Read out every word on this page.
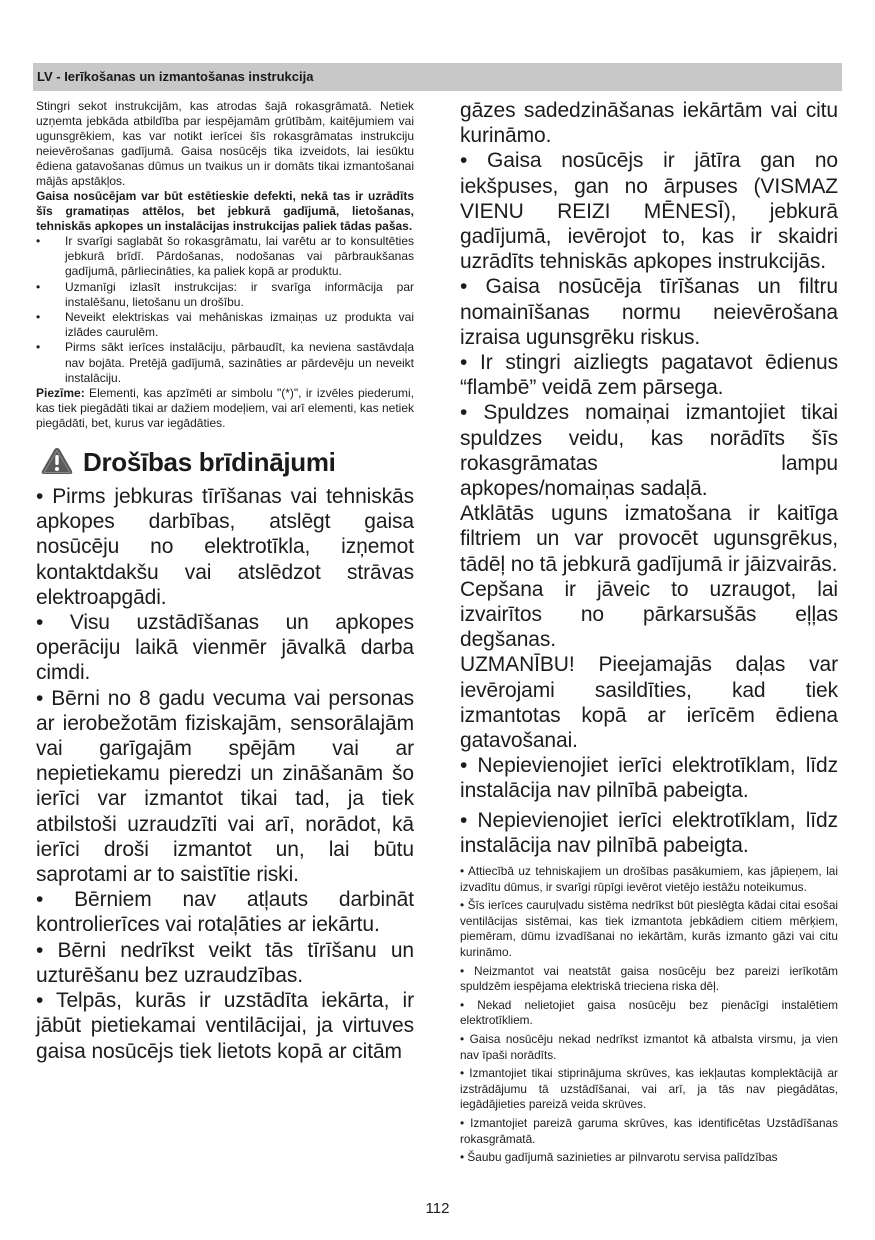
LV - Ierīkošanas un izmantošanas instrukcija

Stingri sekot instrukcijām, kas atrodas šajā rokasgrāmatā. Netiek uzņemta jebkāda atbildība par iespējamām grūtībām, kaitējumiem vai ugunsgrēkiem, kas var notikt ierīcei šīs rokasgrāmatas instrukciju neievērošanas gadījumā. Gaisa nosūcējs tika izveidots, lai iesūktu ēdiena gatavošanas dūmus un tvaikus un ir domāts tikai izmantošanai mājās apstākļos.

Gaisa nosūcējam var būt estētieskie defekti, nekā tas ir uzrādīts šīs gramatiņas attēlos, bet jebkurā gadījumā, lietošanas, tehniskās apkopes un instalācijas instrukcijas paliek tādas pašas.

• Ir svarīgi saglabāt šo rokasgrāmatu, lai varētu ar to konsultēties jebkurā brīdī. Pārdošanas, nodošanas vai pārbraukšanas gadījumā, pārliecināties, ka paliek kopā ar produktu.
• Uzmanīgi izlasīt instrukcijas: ir svarīga informācija par instalēšanu, lietošanu un drošību.
• Neveikt elektriskas vai mehāniskas izmaiņas uz produkta vai izlādes caurulēm.
• Pirms sākt ierīces instalāciju, pārbaudīt, ka neviena sastāvdaļa nav bojāta. Pretējā gadījumā, sazināties ar pārdevēju un neveikt instalāciju.

Piezīme: Elementi, kas apzīmēti ar simbolu "(*)", ir izvēles piederumi, kas tiek piegādāti tikai ar dažiem modeļiem, vai arī elementi, kas netiek piegādāti, bet, kurus var iegādāties.

Drošības brīdinājumi

• Pirms jebkuras tīrīšanas vai tehniskās apkopes darbības, atslēgt gaisa nosūcēju no elektrotīkla, izņemot kontaktdakšu vai atslēdzot strāvas elektroapgādi.

• Visu uzstādīšanas un apkopes operāciju laikā vienmēr jāvalkā darba cimdi.

• Bērni no 8 gadu vecuma vai personas ar ierobežotām fiziskajām, sensorālajām vai garīgajām spējām vai ar nepietiekamu pieredzi un zināšanām šo ierīci var izmantot tikai tad, ja tiek atbilstoši uzraudzīti vai arī, norādot, kā ierīci droši izmantot un, lai būtu saprotami ar to saistītie riski.

• Bērniem nav atļauts darbināt kontrolierīces vai rotaļāties ar iekārtu.

• Bērni nedrīkst veikt tās tīrīšanu un uzturēšanu bez uzraudzības.

• Telpās, kurās ir uzstādīta iekārta, ir jābūt pietiekamai ventilācijai, ja virtuves gaisa nosūcējs tiek lietots kopā ar citām

gāzes sadedzināšanas iekārtām vai citu kurināmo.

• Gaisa nosūcējs ir jātīra gan no iekšpuses, gan no ārpuses (VISMAZ VIENU REIZI MĒNESĪ), jebkurā gadījumā, ievērojot to, kas ir skaidri uzrādīts tehniskās apkopes instrukcijās.

• Gaisa nosūcēja tīrīšanas un filtru nomainīšanas normu neievērošana izraisa ugunsgrēku riskus.

• Ir stingri aizliegts pagatavot ēdienus “flambē” veidā zem pārsega.

• Spuldzes nomaiņai izmantojiet tikai spuldzes veidu, kas norādīts šīs rokasgrāmatas lampu apkopes/nomaiņas sadaļā.

Atklātās uguns izmatošana ir kaitīga filtriem un var provocēt ugunsgrēkus, tādēļ no tā jebkurā gadījumā ir jāizvairās.

Cepšana ir jāveic to uzraugot, lai izvairītos no pārkarsušās eļļas degšanas.

UZMANĪBU! Pieejamajās daļas var ievērojami sasildīties, kad tiek izmantotas kopā ar ierīcēm ēdiena gatavošanai.

• Nepievienojiet ierīci elektrotīklam, līdz instalācija nav pilnībā pabeigta.

• Nepievienojiet ierīci elektrotīklam, līdz instalācija nav pilnībā pabeigta.

• Attiecībā uz tehniskajiem un drošības pasākumiem, kas jāpieņem, lai izvadītu dūmus, ir svarīgi rūpīgi ievērot vietējo iestāžu noteikumus.

• Šīs ierīces cauruļvadu sistēma nedrīkst būt pieslēgta kādai citai esošai ventilācijas sistēmai, kas tiek izmantota jebkādiem citiem mērķiem, piemēram, dūmu izvadīšanai no iekārtām, kurās izmanto gāzi vai citu kurināmo.

• Neizmantot vai neatstāt gaisa nosūcēju bez pareizi ierīkotām spuldzēm iespējama elektriskā trieciena riska dēļ.

• Nekad nelietojiet gaisa nosūcēju bez pienācīgi instalētiem elektrotīkliem.

• Gaisa nosūcēju nekad nedrīkst izmantot kā atbalsta virsmu, ja vien nav īpaši norādīts.

• Izmantojiet tikai stiprinājuma skrūves, kas iekļautas komplektācijā ar izstrādājumu tā uzstādīšanai, vai arī, ja tās nav piegādātas, iegādājieties pareizā veida skrūves.

• Izmantojiet pareizā garuma skrūves, kas identificētas Uzstādīšanas rokasgrāmatā.

• Šaubu gadījumā sazinieties ar pilnvarotu servisa palīdzības

112
